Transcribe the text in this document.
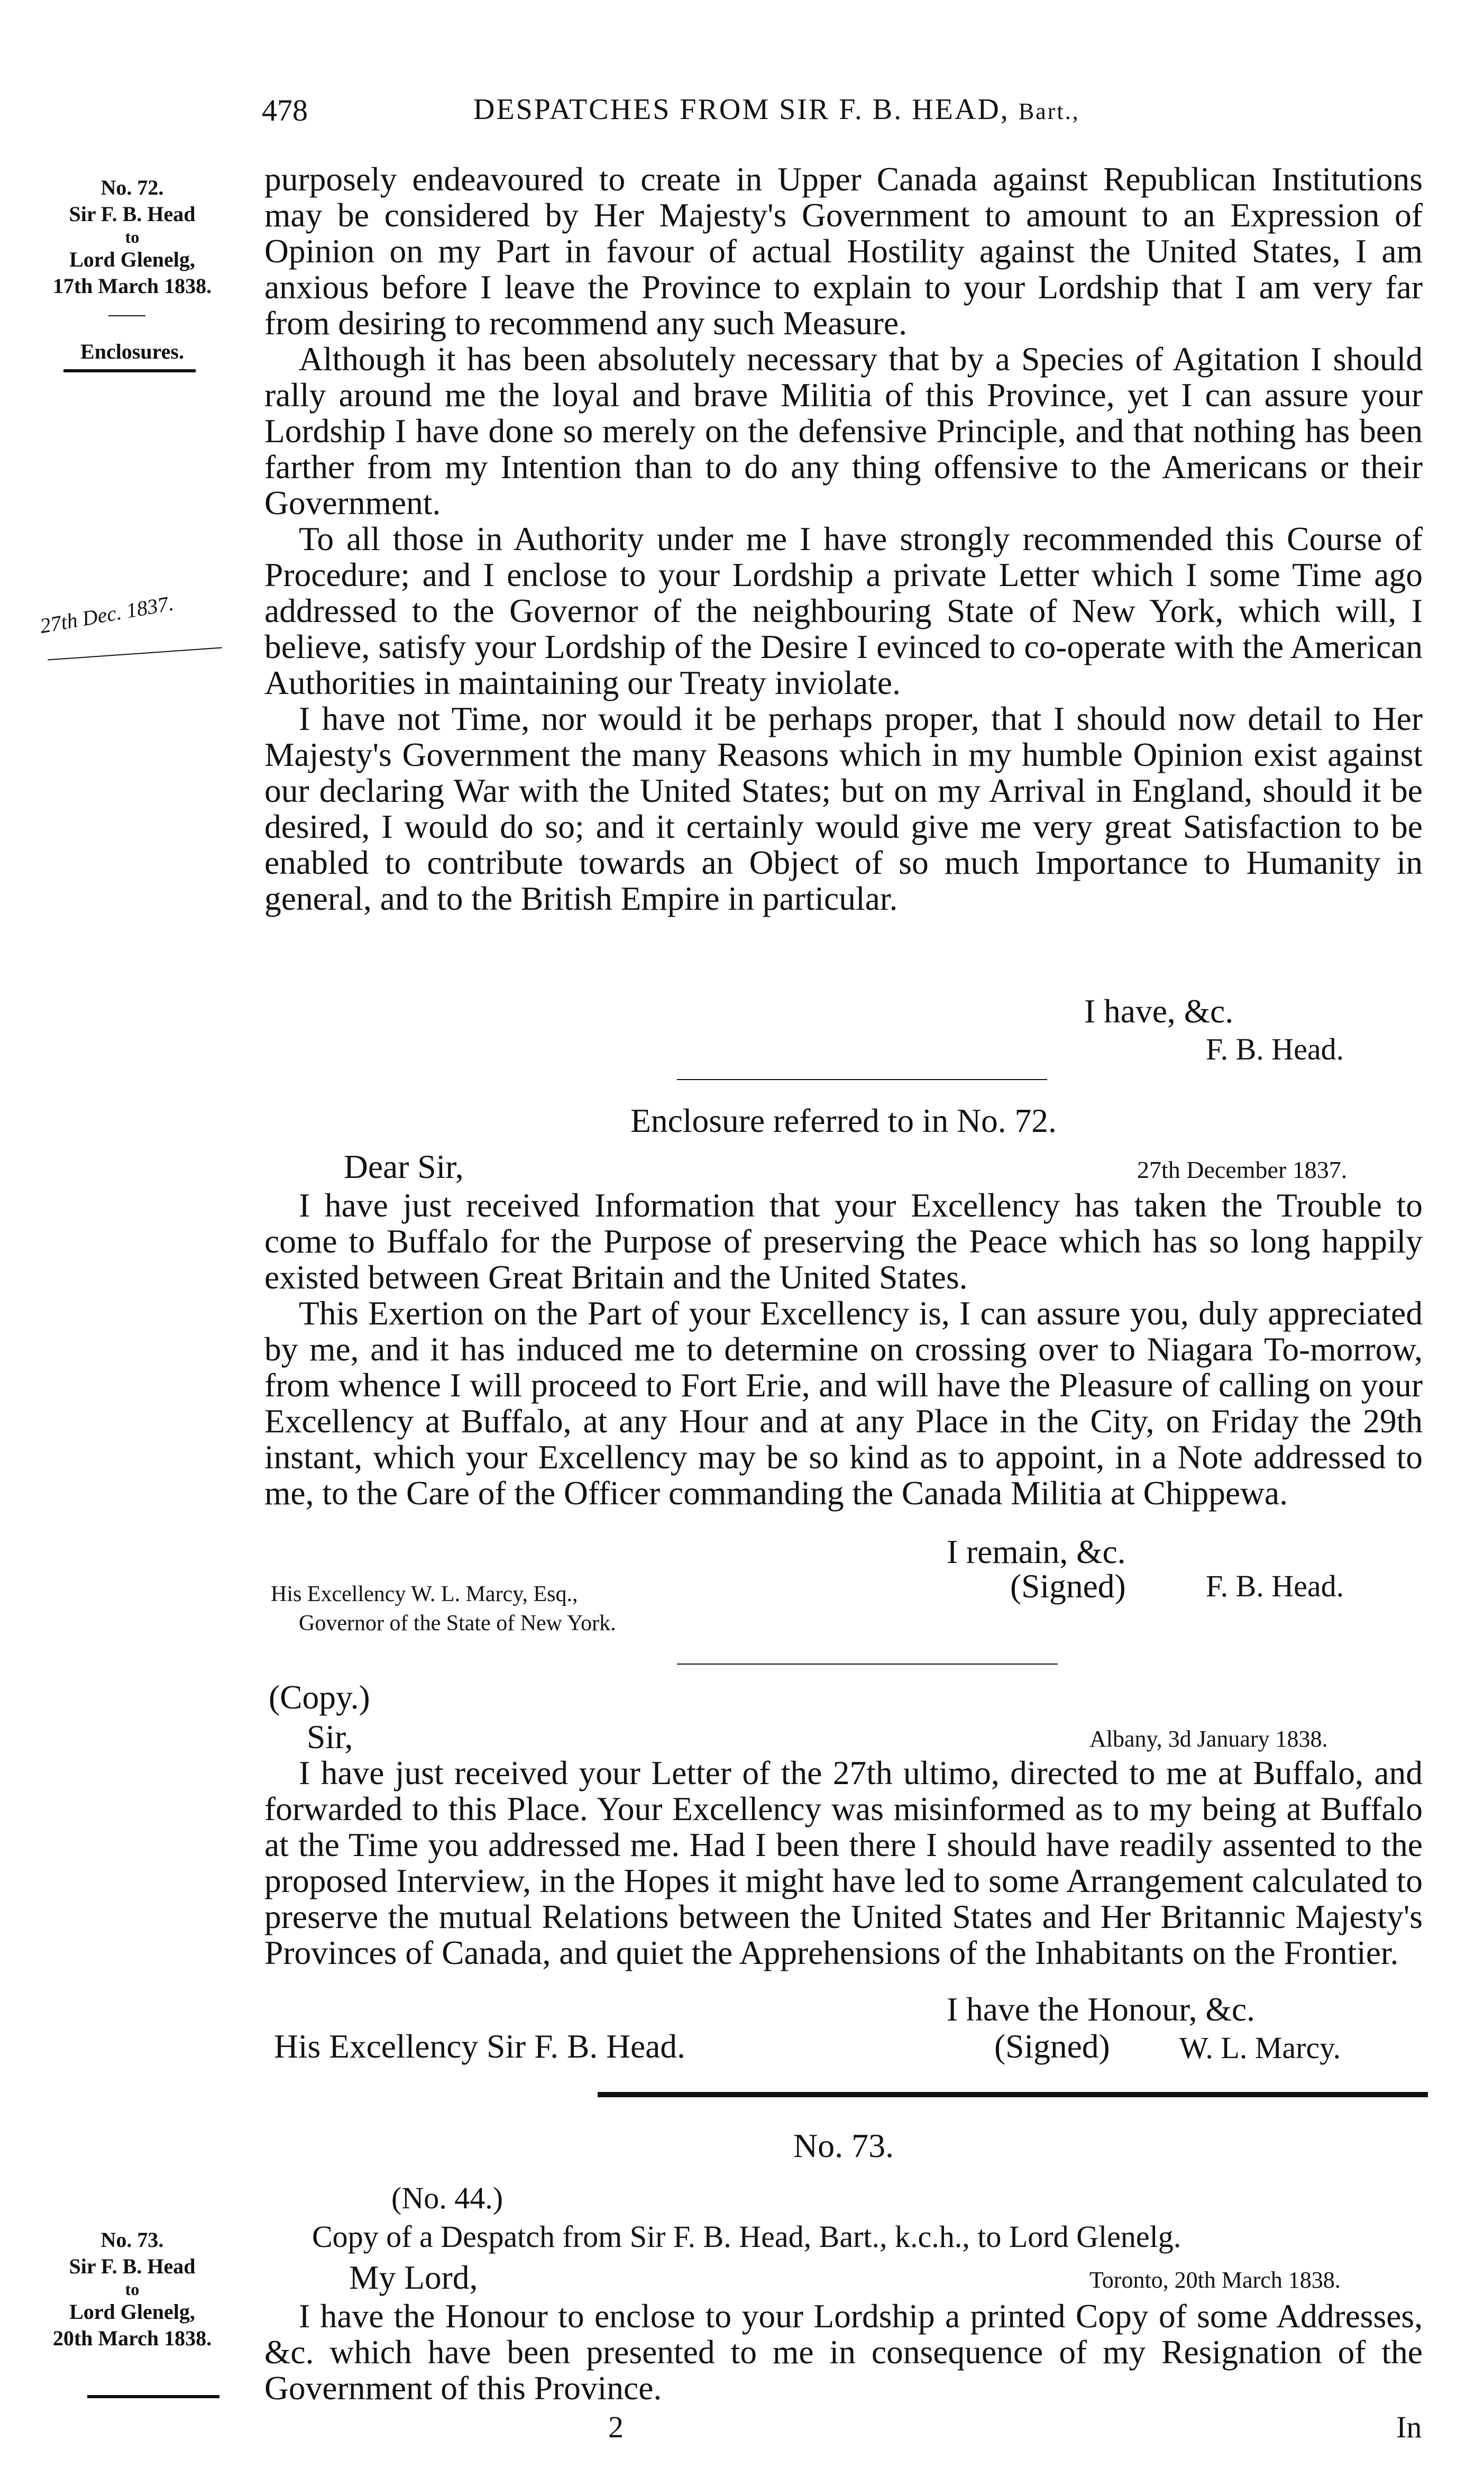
478	DESPATCHES FROM SIR F. B. HEAD, Bart.,
No. 72.
Sir F. B. Head
to
Lord Glenelg,
17th March 1838.
Enclosures.
27th Dec. 1837.

purposely endeavoured to create in Upper Canada against Republican Institutions may be considered by Her Majesty's Government to amount to an Expression of Opinion on my Part in favour of actual Hostility against the United States, I am anxious before I leave the Province to explain to your Lordship that I am very far from desiring to recommend any such Measure.

Although it has been absolutely necessary that by a Species of Agitation I should rally around me the loyal and brave Militia of this Province, yet I can assure your Lordship I have done so merely on the defensive Principle, and that nothing has been farther from my Intention than to do any thing offensive to the Americans or their Government.

To all those in Authority under me I have strongly recommended this Course of Procedure; and I enclose to your Lordship a private Letter which I some Time ago addressed to the Governor of the neighbouring State of New York, which will, I believe, satisfy your Lordship of the Desire I evinced to co-operate with the American Authorities in maintaining our Treaty inviolate.

I have not Time, nor would it be perhaps proper, that I should now detail to Her Majesty's Government the many Reasons which in my humble Opinion exist against our declaring War with the United States; but on my Arrival in England, should it be desired, I would do so; and it certainly would give me very great Satisfaction to be enabled to contribute towards an Object of so much Importance to Humanity in general, and to the British Empire in particular.

I have, &c.
F. B. Head.
Enclosure referred to in No. 72.
Dear Sir,	27th December 1837.

I have just received Information that your Excellency has taken the Trouble to come to Buffalo for the Purpose of preserving the Peace which has so long happily existed between Great Britain and the United States.

This Exertion on the Part of your Excellency is, I can assure you, duly appreciated by me, and it has induced me to determine on crossing over to Niagara To-morrow, from whence I will proceed to Fort Erie, and will have the Pleasure of calling on your Excellency at Buffalo, at any Hour and at any Place in the City, on Friday the 29th instant, which your Excellency may be so kind as to appoint, in a Note addressed to me, to the Care of the Officer commanding the Canada Militia at Chippewa.

I remain, &c.
His Excellency W. L. Marcy, Esq.,
Governor of the State of New York.
(Signed)	F. B. Head.
(Copy.)
Sir,	Albany, 3d January 1838.

I have just received your Letter of the 27th ultimo, directed to me at Buffalo, and forwarded to this Place. Your Excellency was misinformed as to my being at Buffalo at the Time you addressed me. Had I been there I should have readily assented to the proposed Interview, in the Hopes it might have led to some Arrangement calculated to preserve the mutual Relations between the United States and Her Britannic Majesty's Provinces of Canada, and quiet the Apprehensions of the Inhabitants on the Frontier.

I have the Honour, &c.
His Excellency Sir F. B. Head.	(Signed) W. L. Marcy.
No. 73.
(No. 44.)
Copy of a Despatch from Sir F. B. Head, Bart., k.c.h., to Lord Glenelg.
No. 73.
Sir F. B. Head
to
Lord Glenelg,
20th March 1838.
My Lord,	Toronto, 20th March 1838.

I have the Honour to enclose to your Lordship a printed Copy of some Addresses, &c. which have been presented to me in consequence of my Resignation of the Government of this Province.

2	In
